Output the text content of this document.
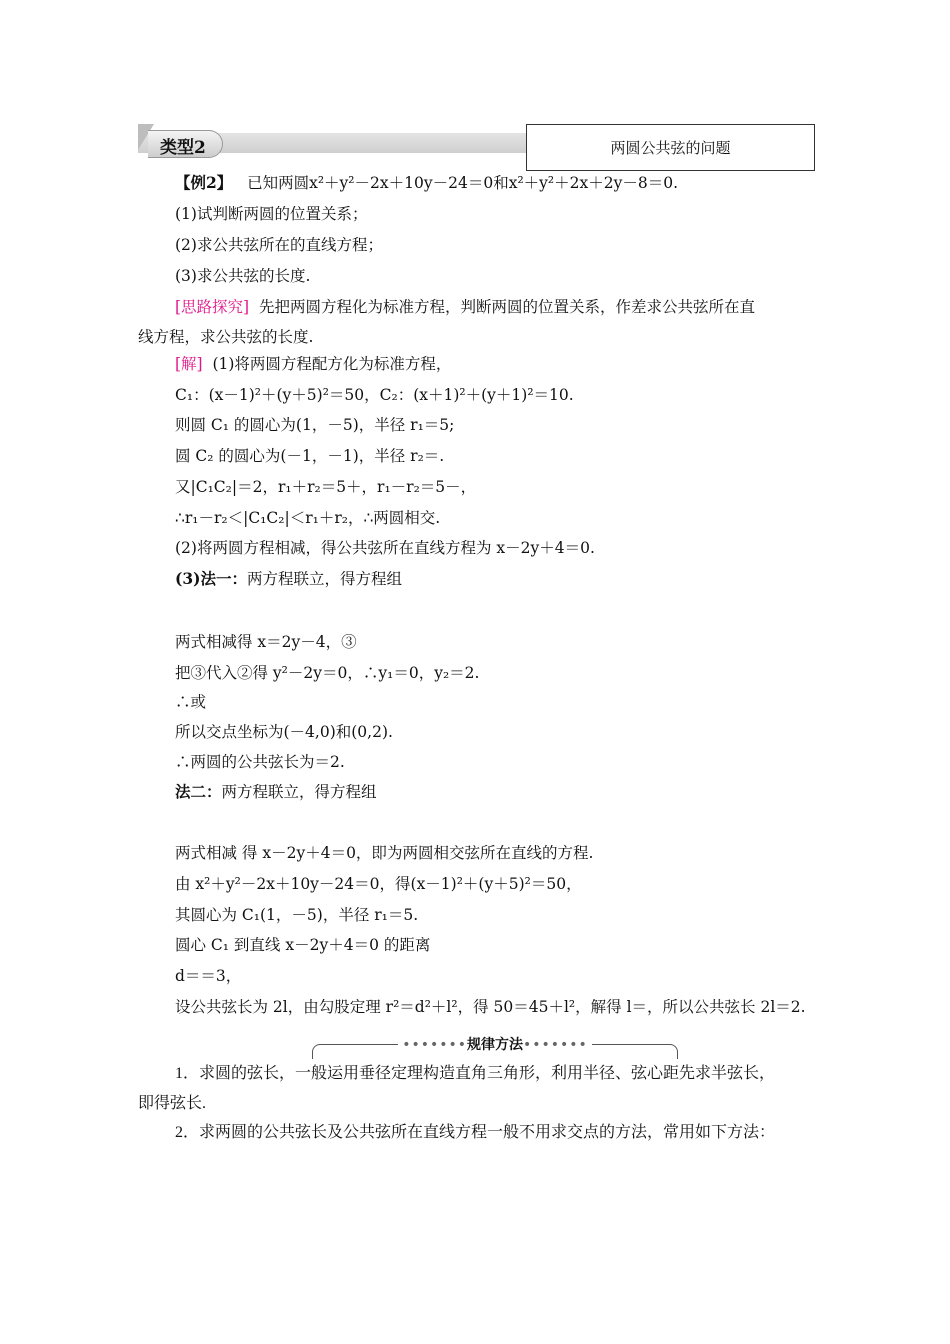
类型2	两圆公共弦的问题
【例2】 已知两圆x²＋y²－2x＋10y－24＝0和x²＋y²＋2x＋2y－8＝0.
(1)试判断两圆的位置关系；
(2)求公共弦所在的直线方程；
(3)求公共弦的长度.
[思路探究] 先把两圆方程化为标准方程，判断两圆的位置关系，作差求公共弦所在直
线方程，求公共弦的长度.
[解] (1)将两圆方程配方化为标准方程，
C₁：(x－1)²＋(y＋5)²＝50，C₂：(x＋1)²＋(y＋1)²＝10.
则圆 C₁ 的圆心为(1，－5)，半径 r₁＝5;
圆 C₂ 的圆心为(－1，－1)，半径 r₂＝.
又|C₁C₂|＝2，r₁＋r₂＝5＋，r₁－r₂＝5－，
∴r₁－r₂＜|C₁C₂|＜r₁＋r₂，∴两圆相交.
(2)将两圆方程相减，得公共弦所在直线方程为 x－2y＋4＝0.
(3)法一：两方程联立，得方程组
两式相减得 x＝2y－4，③
把③代入②得 y²－2y＝0，∴y₁＝0，y₂＝2.
∴或
所以交点坐标为(－4,0)和(0,2).
∴两圆的公共弦长为＝2.
法二：两方程联立，得方程组
两式相减 得 x－2y＋4＝0，即为两圆相交弦所在直线的方程.
由 x²＋y²－2x＋10y－24＝0，得(x－1)²＋(y＋5)²＝50，
其圆心为 C₁(1，－5)，半径 r₁＝5.
圆心 C₁ 到直线 x－2y＋4＝0 的距离
d＝＝3，
设公共弦长为 2l，由勾股定理 r²＝d²＋l²，得 50＝45＋l²，解得 l＝，所以公共弦长 2l＝2.
•••••••规律方法•••••••
1．求圆的弦长，一般运用垂径定理构造直角三角形，利用半径、弦心距先求半弦长，
即得弦长.
2．求两圆的公共弦长及公共弦所在直线方程一般不用求交点的方法，常用如下方法：
